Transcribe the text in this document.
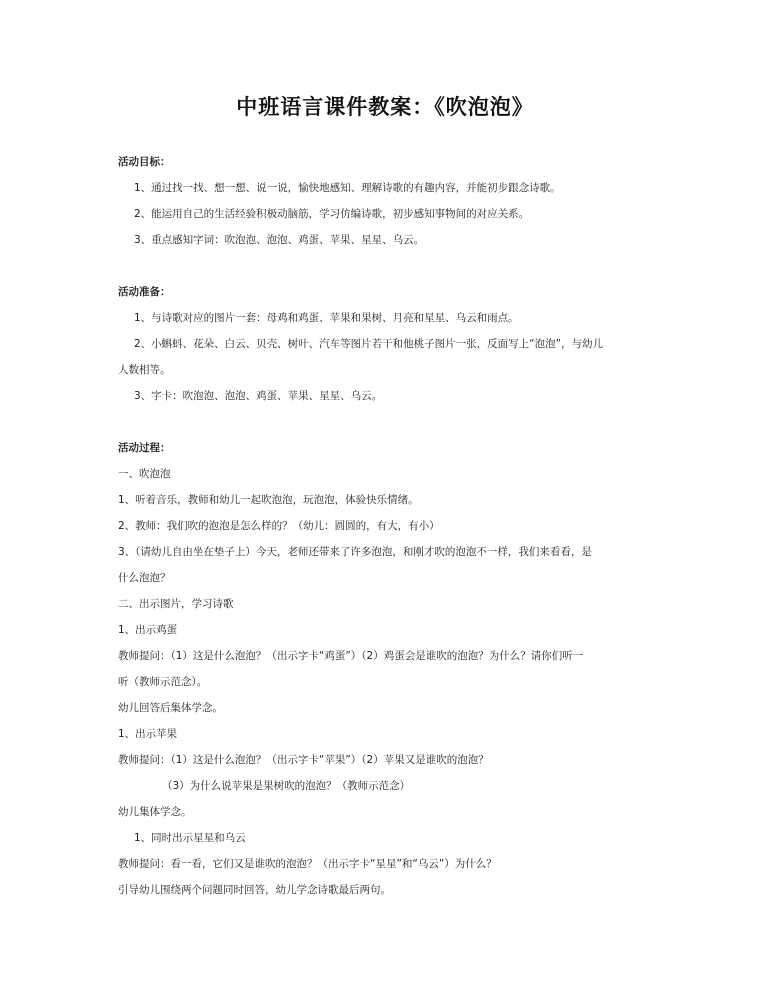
中班语言课件教案：《吹泡泡》
活动目标：
1、通过找一找、想一想、说一说，愉快地感知、理解诗歌的有趣内容，并能初步跟念诗歌。
2、能运用自己的生活经验积极动脑筋，学习仿编诗歌，初步感知事物间的对应关系。
3、重点感知字词：吹泡泡、泡泡、鸡蛋、苹果、星星、乌云。
活动准备：
1、与诗歌对应的图片一套：母鸡和鸡蛋、苹果和果树、月亮和星星、乌云和雨点。
2、小蝌蚪、花朵、白云、贝壳、树叶、汽车等图片若干和他桃子图片一张，反面写上“泡泡”，与幼儿
人数相等。
3、字卡：吹泡泡、泡泡、鸡蛋、苹果、星星、乌云。
活动过程：
一、吹泡泡
1、听着音乐，教师和幼儿一起吹泡泡，玩泡泡，体验快乐情绪。
2、教师：我们吹的泡泡是怎么样的？（幼儿：圆圆的，有大，有小）
3、（请幼儿自由坐在垫子上）今天，老师还带来了许多泡泡，和刚才吹的泡泡不一样，我们来看看，是
什么泡泡？
二、出示图片，学习诗歌
1、出示鸡蛋
教师提问：（1）这是什么泡泡？（出示字卡“鸡蛋”）（2）鸡蛋会是谁吹的泡泡？为什么？请你们听一
听（教师示范念）。
幼儿回答后集体学念。
1、出示苹果
教师提问：（1）这是什么泡泡？（出示字卡“苹果”）（2）苹果又是谁吹的泡泡？
（3）为什么说苹果是果树吹的泡泡？（教师示范念）
幼儿集体学念。
1、同时出示星星和乌云
教师提问：看一看，它们又是谁吹的泡泡？（出示字卡“星星”和“乌云”）为什么？
引导幼儿围绕两个问题同时回答，幼儿学念诗歌最后两句。
